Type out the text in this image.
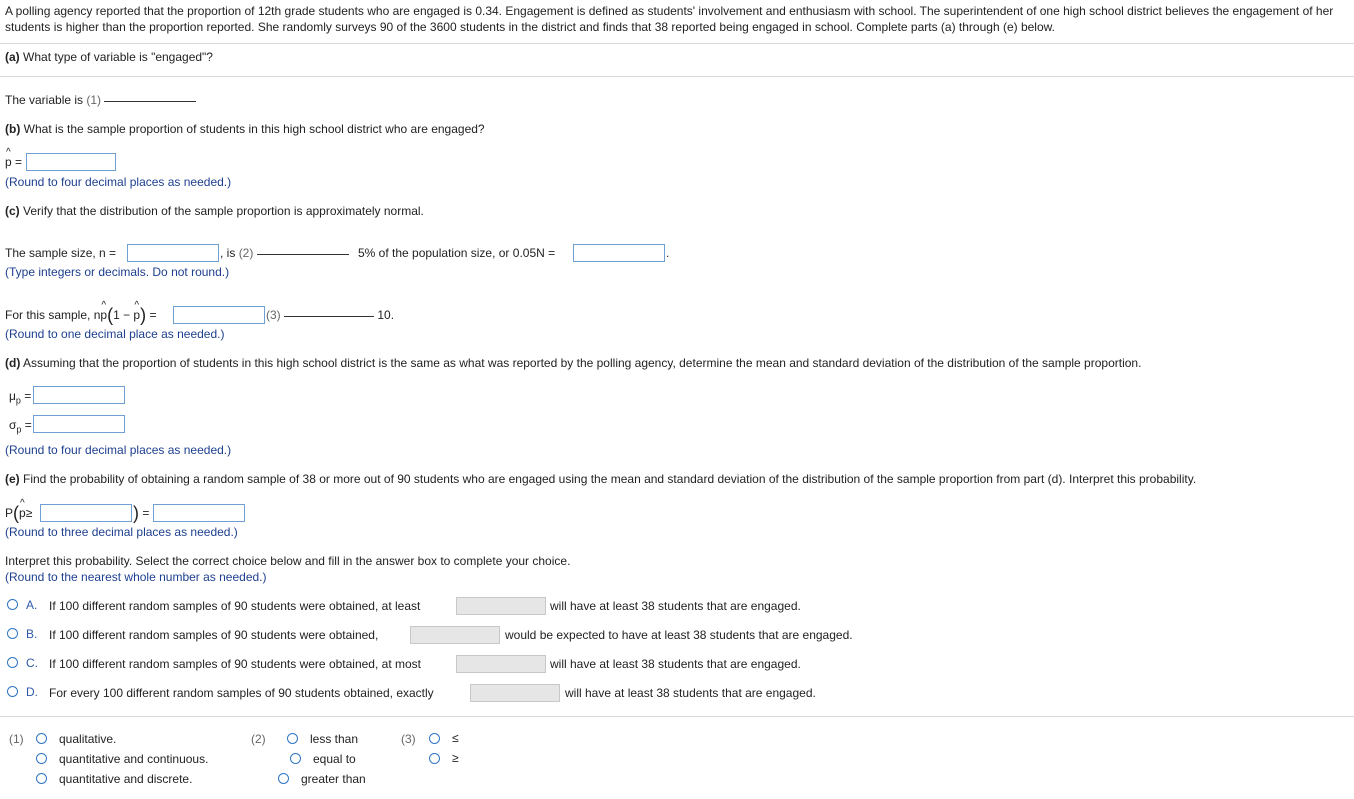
A polling agency reported that the proportion of 12th grade students who are engaged is 0.34. Engagement is defined as students' involvement and enthusiasm with school. The superintendent of one high school district believes the engagement of her students is higher than the proportion reported. She randomly surveys 90 of the 3600 students in the district and finds that 38 reported being engaged in school. Complete parts (a) through (e) below.
(a) What type of variable is "engaged"?
The variable is (1)
(b) What is the sample proportion of students in this high school district who are engaged?
^ p =
(Round to four decimal places as needed.)
(c) Verify that the distribution of the sample proportion is approximately normal.
The sample size, n =	, is (2)	5% of the population size, or 0.05N =	.
(Type integers or decimals. Do not round.)
For this sample, n^ p(1 − ^ p) =	(3)	10.
(Round to one decimal place as needed.)
(d) Assuming that the proportion of students in this high school district is the same as what was reported by the polling agency, determine the mean and standard deviation of the distribution of the sample proportion.
$\mu_p$ =
$\sigma_p$ =
(Round to four decimal places as needed.)
(e) Find the probability of obtaining a random sample of 38 or more out of 90 students who are engaged using the mean and standard deviation of the distribution of the sample proportion from part (d). Interpret this probability.
P(^ p≥	) =
(Round to three decimal places as needed.)
Interpret this probability. Select the correct choice below and fill in the answer box to complete your choice.
(Round to the nearest whole number as needed.)
A. If 100 different random samples of 90 students were obtained, at least	will have at least 38 students that are engaged.
B. If 100 different random samples of 90 students were obtained,	would be expected to have at least 38 students that are engaged.
C. If 100 different random samples of 90 students were obtained, at most	will have at least 38 students that are engaged.
D. For every 100 different random samples of 90 students obtained, exactly	will have at least 38 students that are engaged.
(1)	qualitative.
quantitative and continuous.
quantitative and discrete.
(2)	less than
equal to
greater than
(3)	≤
≥
